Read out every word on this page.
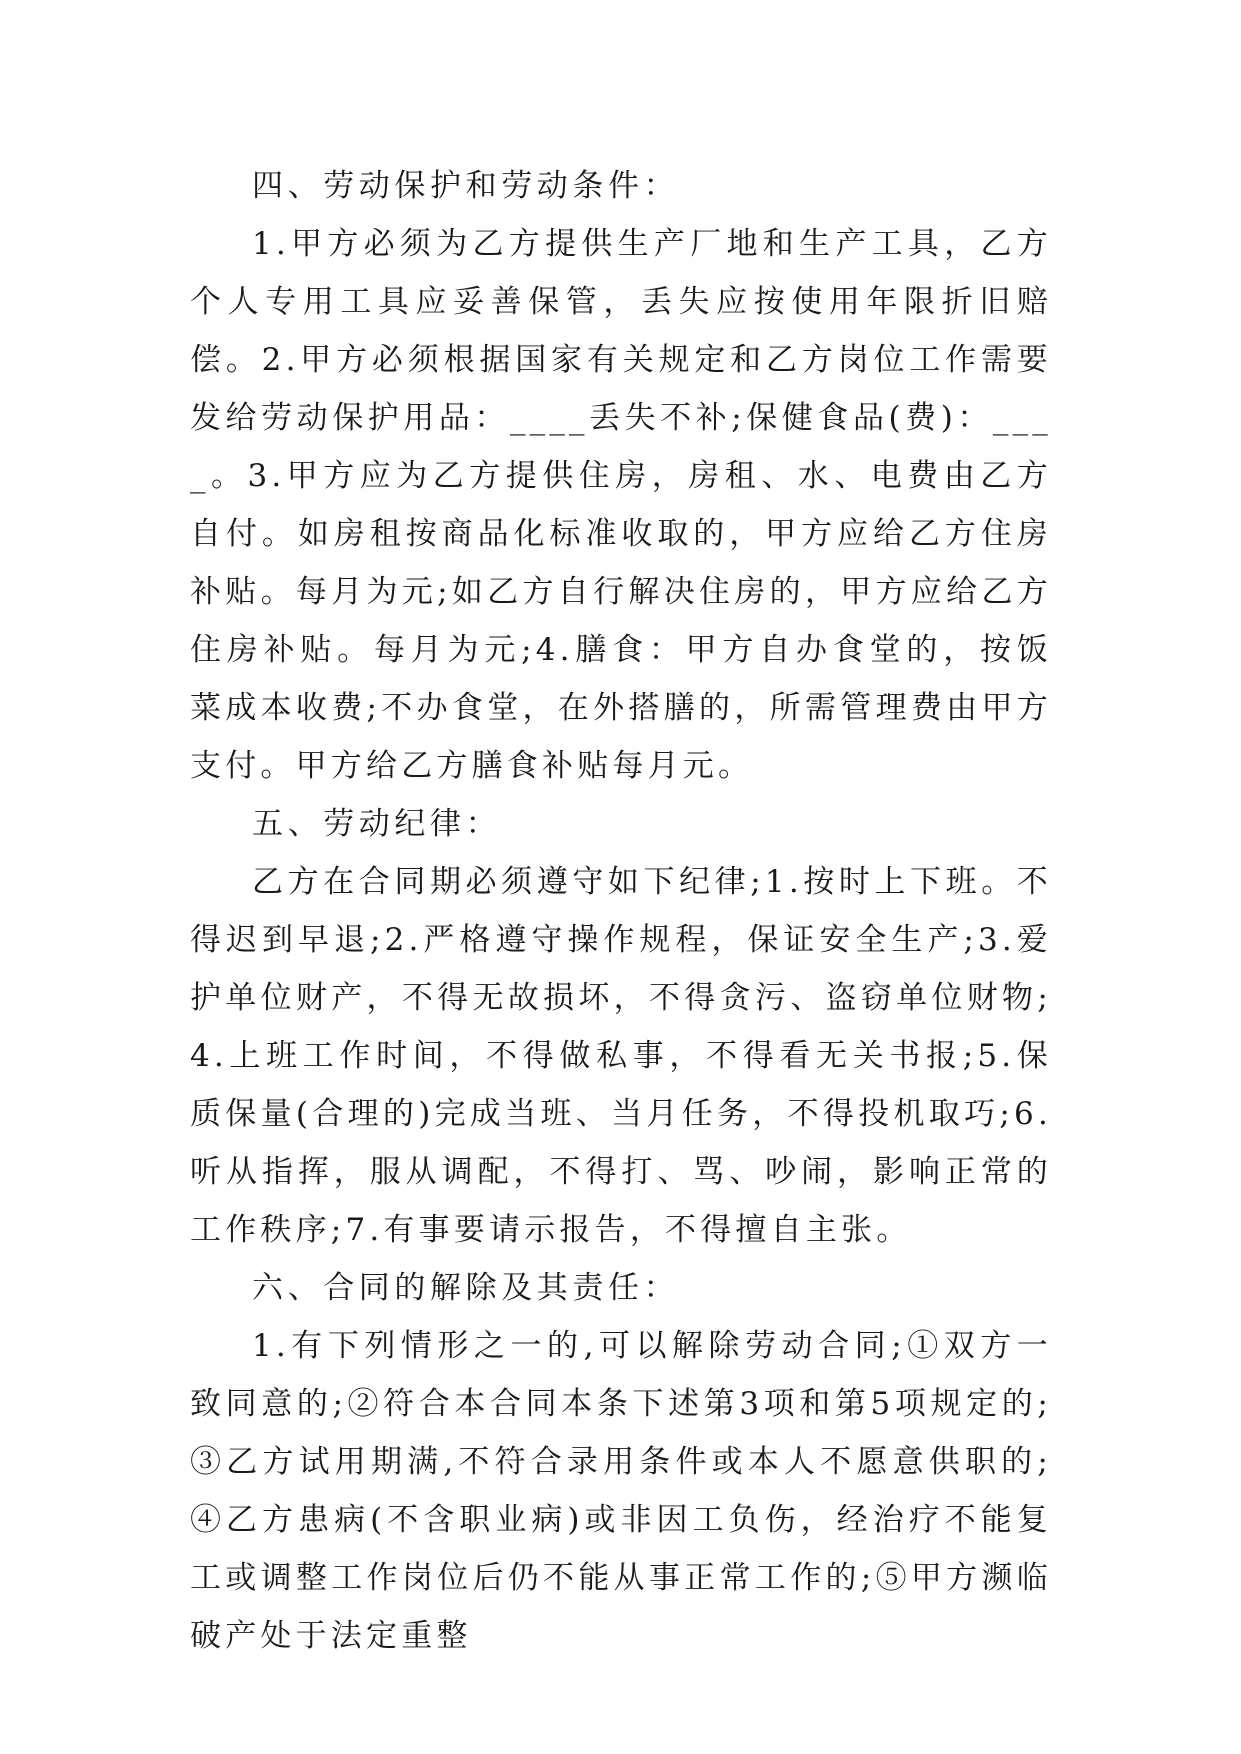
四、劳动保护和劳动条件：

1.甲方必须为乙方提供生产厂地和生产工具，乙方个人专用工具应妥善保管，丢失应按使用年限折旧赔偿。2.甲方必须根据国家有关规定和乙方岗位工作需要发给劳动保护用品：____丢失不补;保健食品(费)：____。3.甲方应为乙方提供住房，房租、水、电费由乙方自付。如房租按商品化标准收取的，甲方应给乙方住房补贴。每月为元;如乙方自行解决住房的，甲方应给乙方住房补贴。每月为元;4.膳食：甲方自办食堂的，按饭菜成本收费;不办食堂，在外搭膳的，所需管理费由甲方支付。甲方给乙方膳食补贴每月元。

五、劳动纪律：

乙方在合同期必须遵守如下纪律;1.按时上下班。不得迟到早退;2.严格遵守操作规程，保证安全生产;3.爱护单位财产，不得无故损坏，不得贪污、盗窃单位财物;4.上班工作时间，不得做私事，不得看无关书报;5.保质保量(合理的)完成当班、当月任务，不得投机取巧;6.听从指挥，服从调配，不得打、骂、吵闹，影响正常的工作秩序;7.有事要请示报告，不得擅自主张。

六、合同的解除及其责任：

1.有下列情形之一的,可以解除劳动合同;①双方一致同意的;②符合本合同本条下述第3项和第5项规定的;③乙方试用期满,不符合录用条件或本人不愿意供职的;④乙方患病(不含职业病)或非因工负伤，经治疗不能复工或调整工作岗位后仍不能从事正常工作的;⑤甲方濒临破产处于法定重整
